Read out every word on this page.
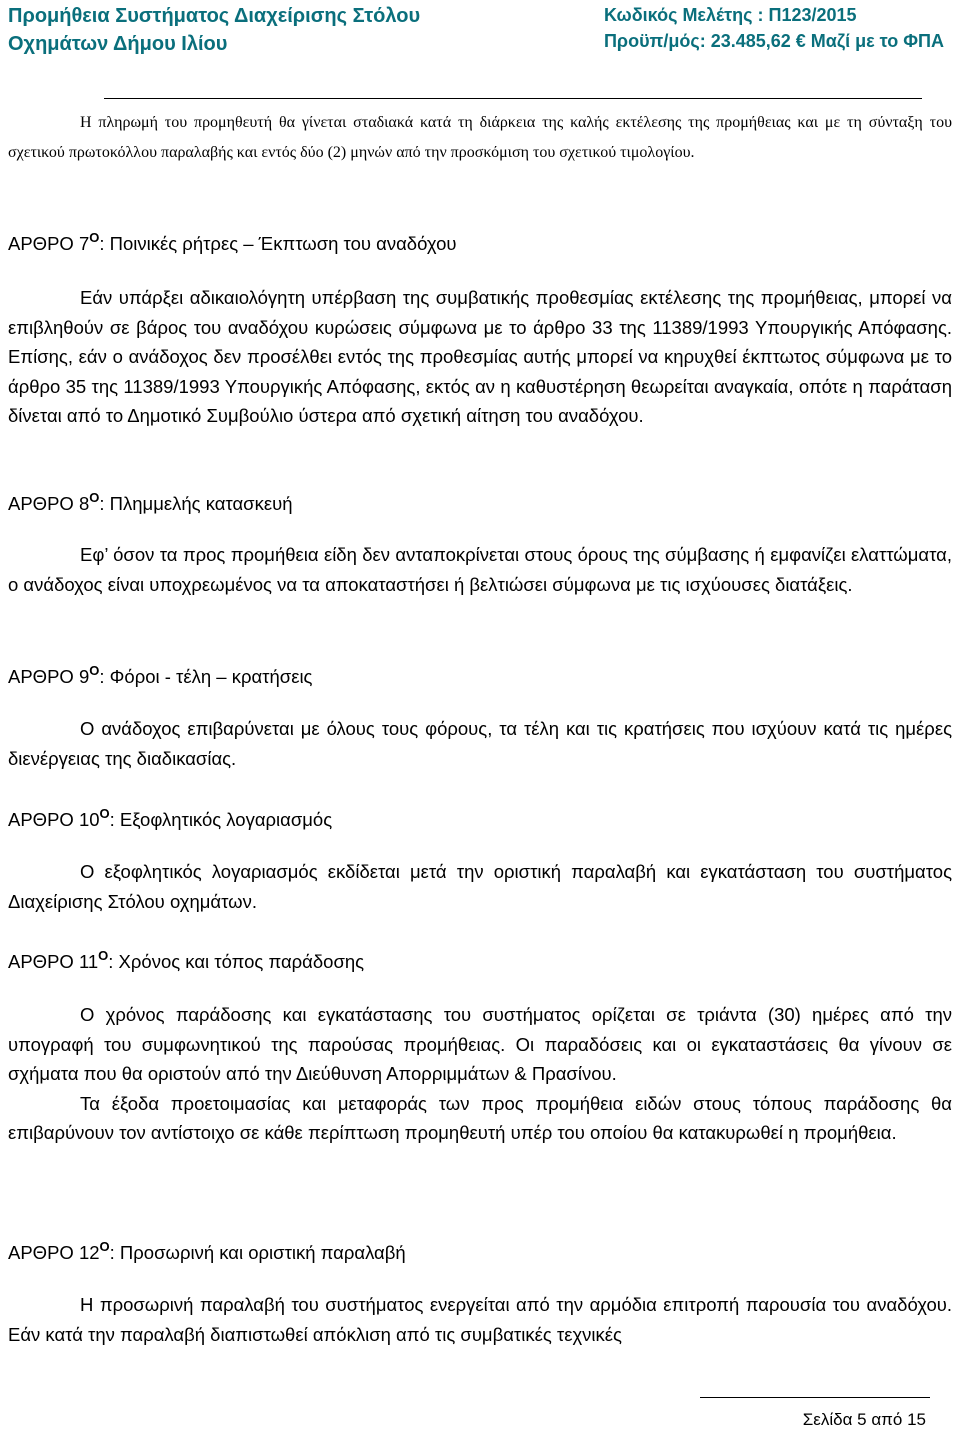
Προμήθεια Συστήματος Διαχείρισης Στόλου
Οχημάτων Δήμου Ιλίου
Κωδικός Μελέτης : Π123/2015
Προϋπ/μός: 23.485,62 € Μαζί με το ΦΠΑ

Η πληρωμή του προμηθευτή θα γίνεται σταδιακά κατά τη διάρκεια της καλής εκτέλεσης της προμήθειας και με τη σύνταξη του σχετικού πρωτοκόλλου παραλαβής και εντός δύο (2) μηνών από την προσκόμιση του σχετικού τιμολογίου.

ΑΡΘΡΟ $7^O$: Ποινικές ρήτρες – Έκπτωση του αναδόχου

Εάν υπάρξει αδικαιολόγητη υπέρβαση της συμβατικής προθεσμίας εκτέλεσης της προμήθειας, μπορεί να επιβληθούν σε βάρος του αναδόχου κυρώσεις σύμφωνα με το άρθρο 33 της 11389/1993 Υπουργικής Απόφασης. Επίσης, εάν ο ανάδοχος δεν προσέλθει εντός της προθεσμίας αυτής μπορεί να κηρυχθεί έκπτωτος σύμφωνα με το άρθρο 35 της 11389/1993 Υπουργικής Απόφασης, εκτός αν η καθυστέρηση θεωρείται αναγκαία, οπότε η παράταση δίνεται από το Δημοτικό Συμβούλιο ύστερα από σχετική αίτηση του αναδόχου.

ΑΡΘΡΟ $8^O$: Πλημμελής κατασκευή

Εφ’ όσον τα προς προμήθεια είδη δεν ανταποκρίνεται στους όρους της σύμβασης ή εμφανίζει ελαττώματα, ο ανάδοχος είναι υποχρεωμένος να τα αποκαταστήσει ή βελτιώσει σύμφωνα με τις ισχύουσες διατάξεις.

ΑΡΘΡΟ $9^O$: Φόροι - τέλη – κρατήσεις

Ο ανάδοχος επιβαρύνεται με όλους τους φόρους, τα τέλη και τις κρατήσεις που ισχύουν κατά τις ημέρες διενέργειας της διαδικασίας.

ΑΡΘΡΟ $10^O$: Εξοφλητικός λογαριασμός

Ο εξοφλητικός λογαριασμός εκδίδεται μετά την οριστική παραλαβή και εγκατάσταση του συστήματος Διαχείρισης Στόλου οχημάτων.

ΑΡΘΡΟ $11^O$: Χρόνος και τόπος παράδοσης

Ο χρόνος παράδοσης και εγκατάστασης του συστήματος ορίζεται σε τριάντα (30) ημέρες από την υπογραφή του συμφωνητικού της παρούσας προμήθειας. Οι παραδόσεις και οι εγκαταστάσεις θα γίνουν σε σχήματα που θα οριστούν από την Διεύθυνση Απορριμμάτων & Πρασίνου.

Τα έξοδα προετοιμασίας και μεταφοράς των προς προμήθεια ειδών στους τόπους παράδοσης θα επιβαρύνουν τον αντίστοιχο σε κάθε περίπτωση προμηθευτή υπέρ του οποίου θα κατακυρωθεί η προμήθεια.

ΑΡΘΡΟ $12^O$: Προσωρινή και οριστική παραλαβή

Η προσωρινή παραλαβή του συστήματος ενεργείται από την αρμόδια επιτροπή παρουσία του αναδόχου. Εάν κατά την παραλαβή διαπιστωθεί απόκλιση από τις συμβατικές τεχνικές

Σελίδα 5 από 15
